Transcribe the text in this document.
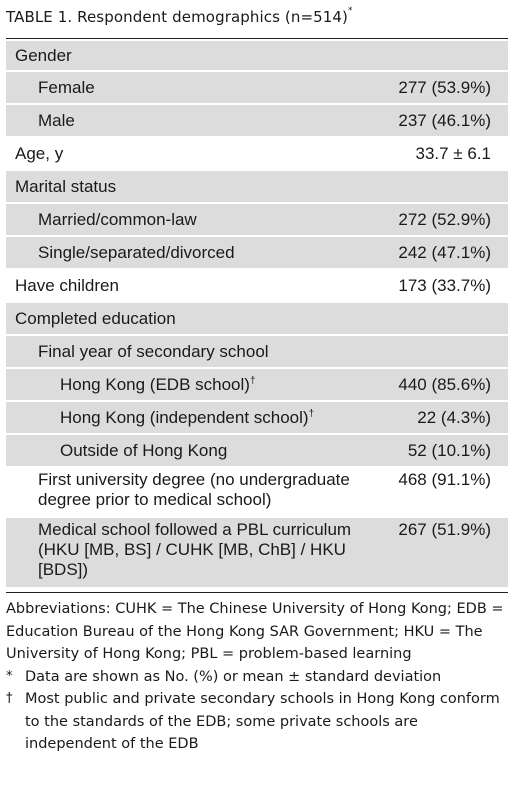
TABLE 1. Respondent demographics (n=514)*
Gender	
Female	277 (53.9%)
Male	237 (46.1%)
Age, y	33.7 ± 6.1
Marital status	
Married/common-law	272 (52.9%)
Single/separated/divorced	242 (47.1%)
Have children	173 (33.7%)
Completed education	
Final year of secondary school	
Hong Kong (EDB school)†	440 (85.6%)
Hong Kong (independent school)†	22 (4.3%)
Outside of Hong Kong	52 (10.1%)
First university degree (no undergraduate degree prior to medical school)	468 (91.1%)
Medical school followed a PBL curriculum (HKU [MB, BS] / CUHK [MB, ChB] / HKU [BDS])	267 (51.9%)
Abbreviations: CUHK = The Chinese University of Hong Kong; EDB = Education Bureau of the Hong Kong SAR Government; HKU = The University of Hong Kong; PBL = problem-based learning
* Data are shown as No. (%) or mean ± standard deviation
† Most public and private secondary schools in Hong Kong conform to the standards of the EDB; some private schools are independent of the EDB
